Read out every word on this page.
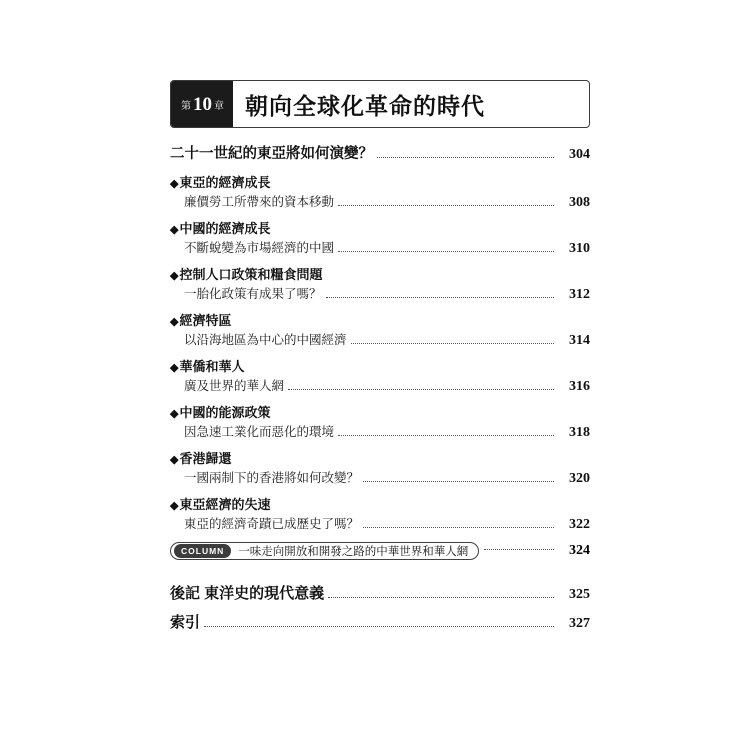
第 10 章 朝向全球化革命的時代
二十一世紀的東亞將如何演變？	304
◆ 東亞的經濟成長
廉價勞工所帶來的資本移動	308
◆ 中國的經濟成長
不斷蛻變為市場經濟的中國	310
◆ 控制人口政策和糧食問題
一胎化政策有成果了嗎？	312
◆ 經濟特區
以沿海地區為中心的中國經濟	314
◆ 華僑和華人
廣及世界的華人網	316
◆ 中國的能源政策
因急速工業化而惡化的環境	318
◆ 香港歸還
一國兩制下的香港將如何改變？	320
◆ 東亞經濟的失速
東亞的經濟奇蹟已成歷史了嗎？	322
COLUMN	一味走向開放和開發之路的中華世界和華人網	324
後記 東洋史的現代意義	325
索引	327
